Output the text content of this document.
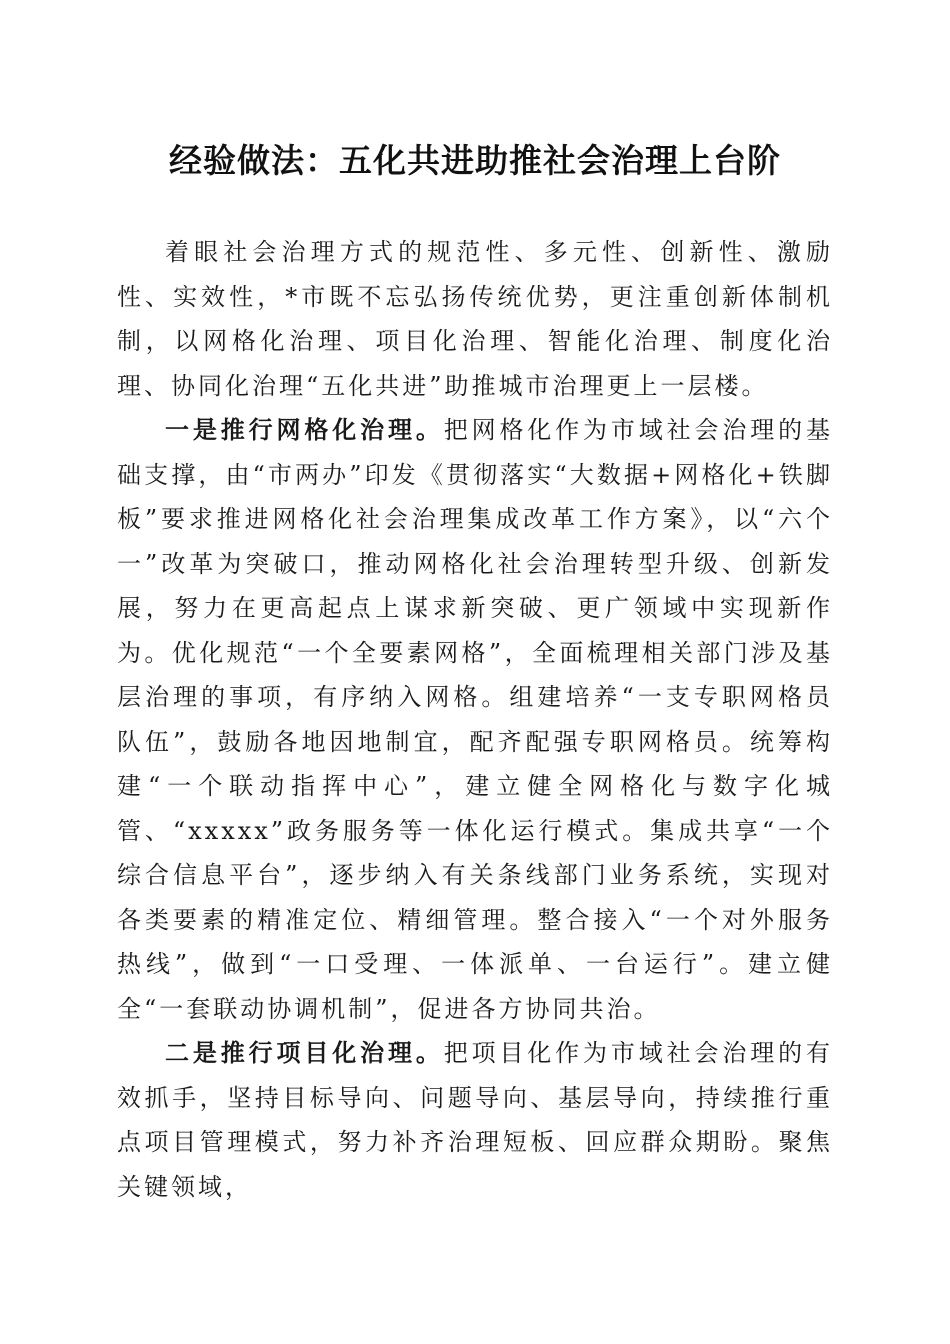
经验做法：五化共进助推社会治理上台阶

着眼社会治理方式的规范性、多元性、创新性、激励性、实效性，*市既不忘弘扬传统优势，更注重创新体制机制，以网格化治理、项目化治理、智能化治理、制度化治理、协同化治理“五化共进”助推城市治理更上一层楼。

一是推行网格化治理。把网格化作为市域社会治理的基础支撑，由“市两办”印发《贯彻落实“大数据+网格化+铁脚板”要求推进网格化社会治理集成改革工作方案》，以“六个一”改革为突破口，推动网格化社会治理转型升级、创新发展，努力在更高起点上谋求新突破、更广领域中实现新作为。优化规范“一个全要素网格”，全面梳理相关部门涉及基层治理的事项，有序纳入网格。组建培养“一支专职网格员队伍”，鼓励各地因地制宜，配齐配强专职网格员。统筹构建“一个联动指挥中心”，建立健全网格化与数字化城管、“xxxxx”政务服务等一体化运行模式。集成共享“一个综合信息平台”，逐步纳入有关条线部门业务系统，实现对各类要素的精准定位、精细管理。整合接入“一个对外服务热线”，做到“一口受理、一体派单、一台运行”。建立健全“一套联动协调机制”，促进各方协同共治。

二是推行项目化治理。把项目化作为市域社会治理的有效抓手，坚持目标导向、问题导向、基层导向，持续推行重点项目管理模式，努力补齐治理短板、回应群众期盼。聚焦关键领域，
